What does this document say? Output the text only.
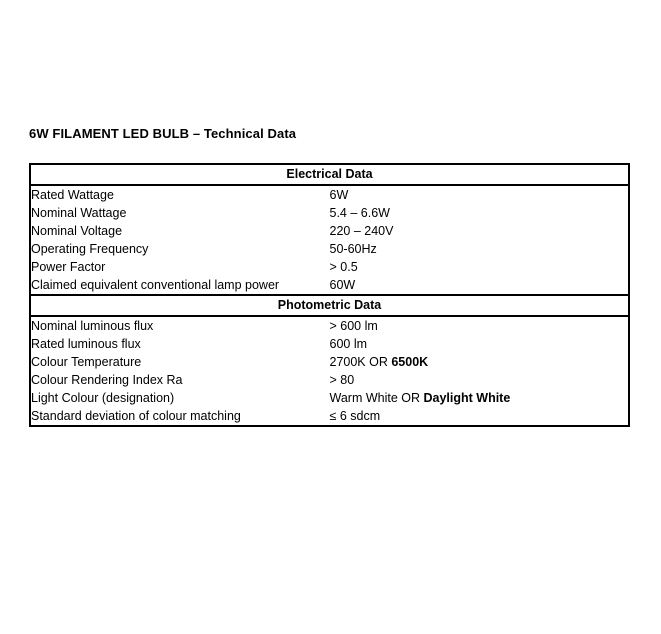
6W FILAMENT LED BULB – Technical Data
Electrical Data	
Rated Wattage	6W
Nominal Wattage	5.4 – 6.6W
Nominal Voltage	220 – 240V
Operating Frequency	50-60Hz
Power Factor	> 0.5
Claimed equivalent conventional lamp power	60W
Photometric Data	
Nominal luminous flux	> 600 lm
Rated luminous flux	600 lm
Colour Temperature	2700K OR 6500K
Colour Rendering Index Ra	> 80
Light Colour (designation)	Warm White OR Daylight White
Standard deviation of colour matching	≤ 6 sdcm
